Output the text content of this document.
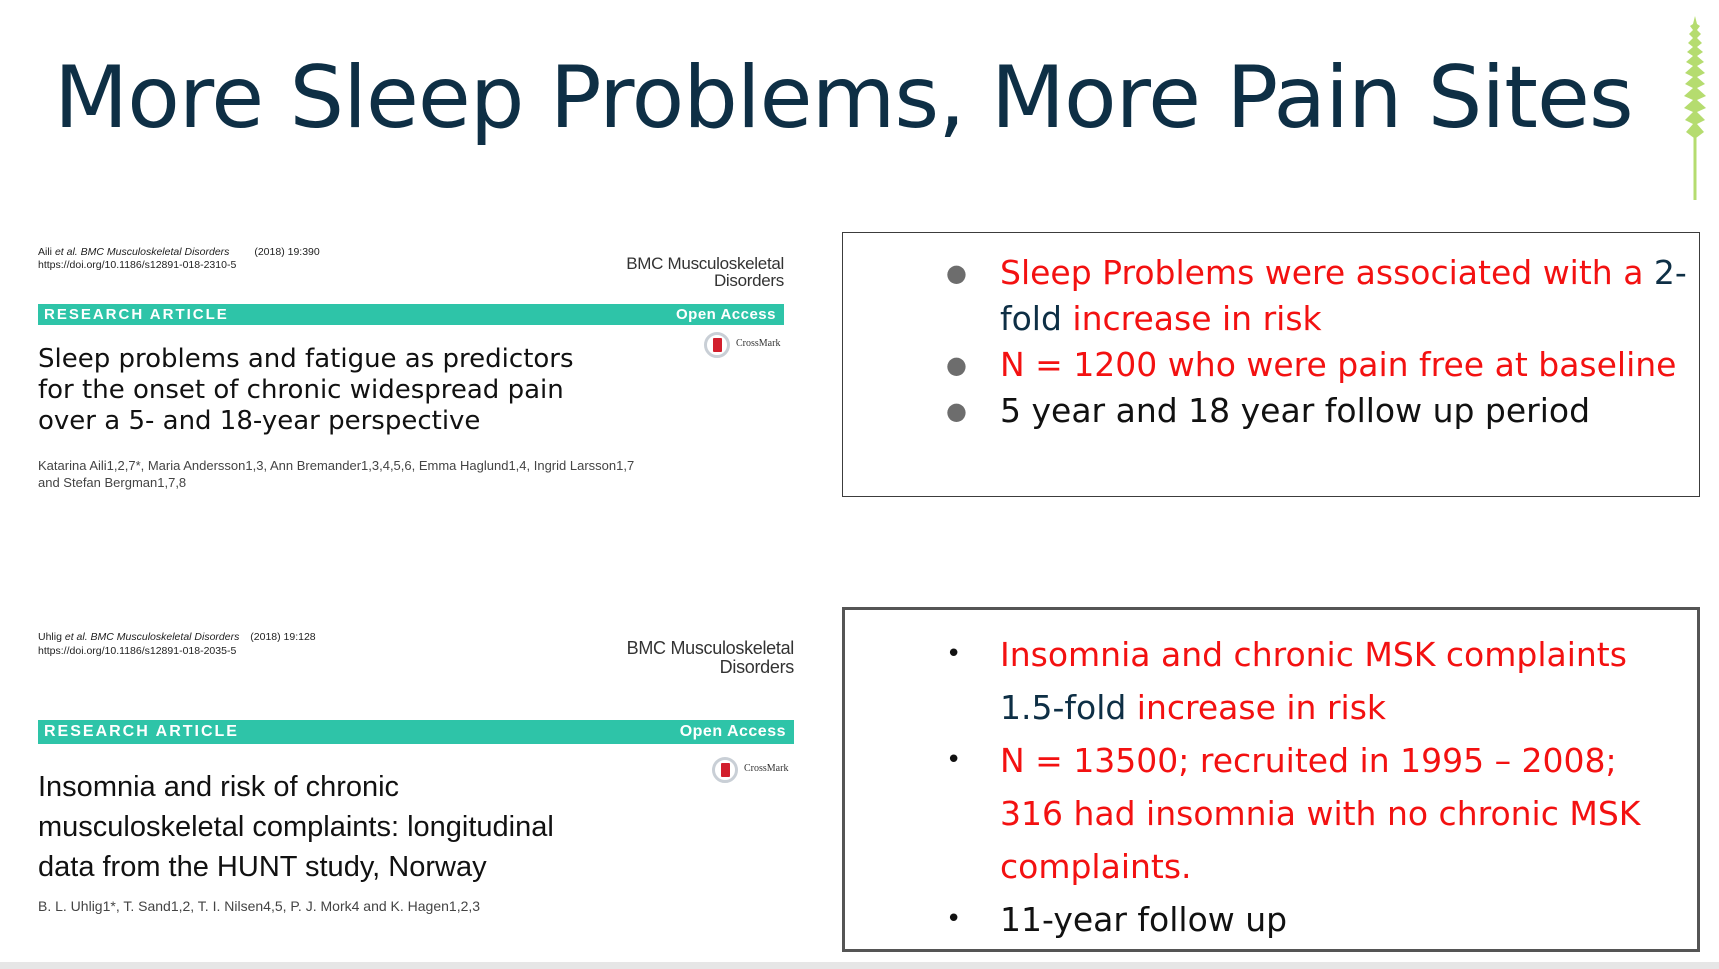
More Sleep Problems, More Pain Sites
Aili et al. BMC Musculoskeletal Disorders (2018) 19:390
https://doi.org/10.1186/s12891-018-2310-5	BMC Musculoskeletal
Disorders
RESEARCH ARTICLE	Open Access
CrossMark
Sleep problems and fatigue as predictors
for the onset of chronic widespread pain
over a 5- and 18-year perspective
Katarina Aili1,2,7*, Maria Andersson1,3, Ann Bremander1,3,4,5,6, Emma Haglund1,4, Ingrid Larsson1,7
and Stefan Bergman1,7,8
Uhlig et al. BMC Musculoskeletal Disorders (2018) 19:128
https://doi.org/10.1186/s12891-018-2035-5	BMC Musculoskeletal
Disorders
RESEARCH ARTICLE	Open Access
CrossMark
Insomnia and risk of chronic
musculoskeletal complaints: longitudinal
data from the HUNT study, Norway
B. L. Uhlig1*, T. Sand1,2, T. I. Nilsen4,5, P. J. Mork4 and K. Hagen1,2,3
● Sleep Problems were associated with a 2-fold increase in risk
● N = 1200 who were pain free at baseline
● 5 year and 18 year follow up period
• Insomnia and chronic MSK complaints 1.5-fold increase in risk
• N = 13500; recruited in 1995 – 2008; 316 had insomnia with no chronic MSK complaints.
• 11-year follow up
